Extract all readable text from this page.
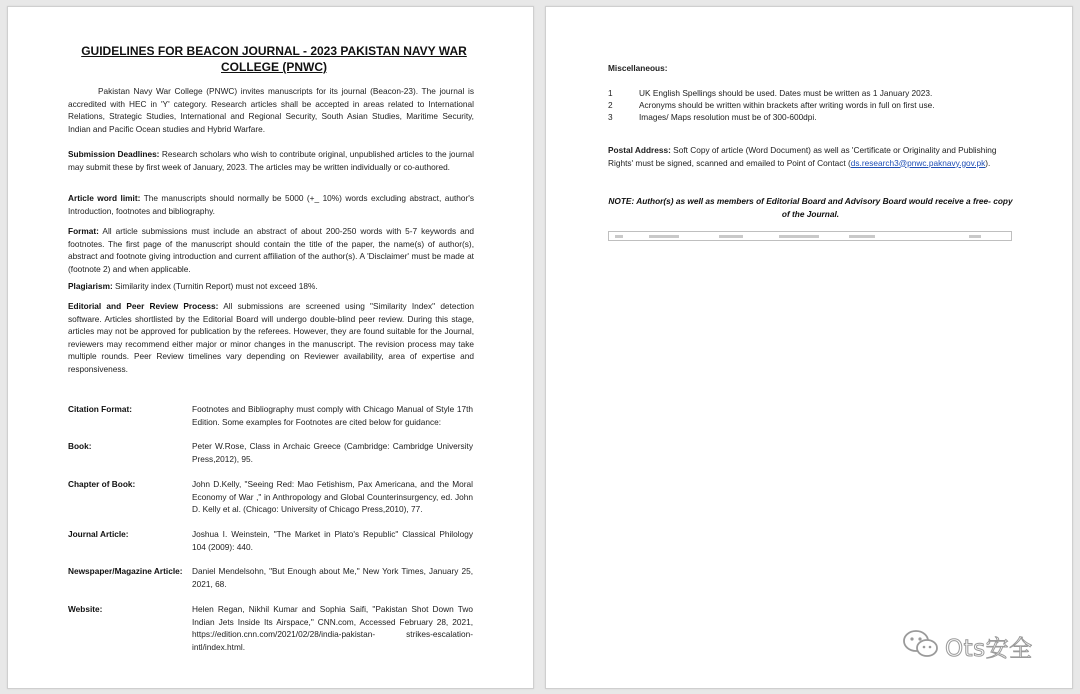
GUIDELINES FOR BEACON JOURNAL - 2023 PAKISTAN NAVY WAR COLLEGE (PNWC)
Pakistan Navy War College (PNWC) invites manuscripts for its journal (Beacon-23). The journal is accredited with HEC in 'Y' category. Research articles shall be accepted in areas related to International Relations, Strategic Studies, International and Regional Security, South Asian Studies, Maritime Security, Indian and Pacific Ocean studies and Hybrid Warfare.
Submission Deadlines: Research scholars who wish to contribute original, unpublished articles to the journal may submit these by first week of January, 2023. The articles may be written individually or co-authored.
Article word limit: The manuscripts should normally be 5000 (+_ 10%) words excluding abstract, author's Introduction, footnotes and bibliography.
Format: All article submissions must include an abstract of about 200-250 words with 5-7 keywords and footnotes. The first page of the manuscript should contain the title of the paper, the name(s) of author(s), abstract and footnote giving introduction and current affiliation of the author(s). A 'Disclaimer' must be made at (footnote 2) and when applicable.
Plagiarism: Similarity index (Turnitin Report) must not exceed 18%.
Editorial and Peer Review Process: All submissions are screened using "Similarity Index" detection software. Articles shortlisted by the Editorial Board will undergo double-blind peer review. During this stage, articles may not be approved for publication by the referees. However, they are found suitable for the Journal, reviewers may recommend either major or minor changes in the manuscript. The revision process may take multiple rounds. Peer Review timelines vary depending on Reviewer availability, area of expertise and responsiveness.
Citation Format:	Footnotes and Bibliography must comply with Chicago Manual of Style 17th Edition. Some examples for Footnotes are cited below for guidance:
Book:	Peter W.Rose, Class in Archaic Greece (Cambridge: Cambridge University Press,2012), 95.
Chapter of Book:	John D.Kelly, "Seeing Red: Mao Fetishism, Pax Americana, and the Moral Economy of War ," in Anthropology and Global Counterinsurgency, ed. John D. Kelly et al. (Chicago: University of Chicago Press,2010), 77.
Journal Article:	Joshua I. Weinstein, "The Market in Plato's Republic" Classical Philology 104 (2009): 440.
Newspaper/Magazine Article:	Daniel Mendelsohn, "But Enough about Me," New York Times, January 25, 2021, 68.
Website:	Helen Regan, Nikhil Kumar and Sophia Saifi, "Pakistan Shot Down Two Indian Jets Inside Its Airspace," CNN.com, Accessed February 28, 2021, https://edition.cnn.com/2021/02/28/india-pakistan- strikes-escalation-intl/index.html.
Miscellaneous:
1	UK English Spellings should be used. Dates must be written as 1 January 2023.
2	Acronyms should be written within brackets after writing words in full on first use.
3	Images/ Maps resolution must be of 300-600dpi.
Postal Address: Soft Copy of article (Word Document) as well as 'Certificate or Originality and Publishing Rights' must be signed, scanned and emailed to Point of Contact (ds.research3@pnwc.paknavy.gov.pk).
NOTE: Author(s) as well as members of Editorial Board and Advisory Board would receive a free- copy of the Journal.
Ots安全
